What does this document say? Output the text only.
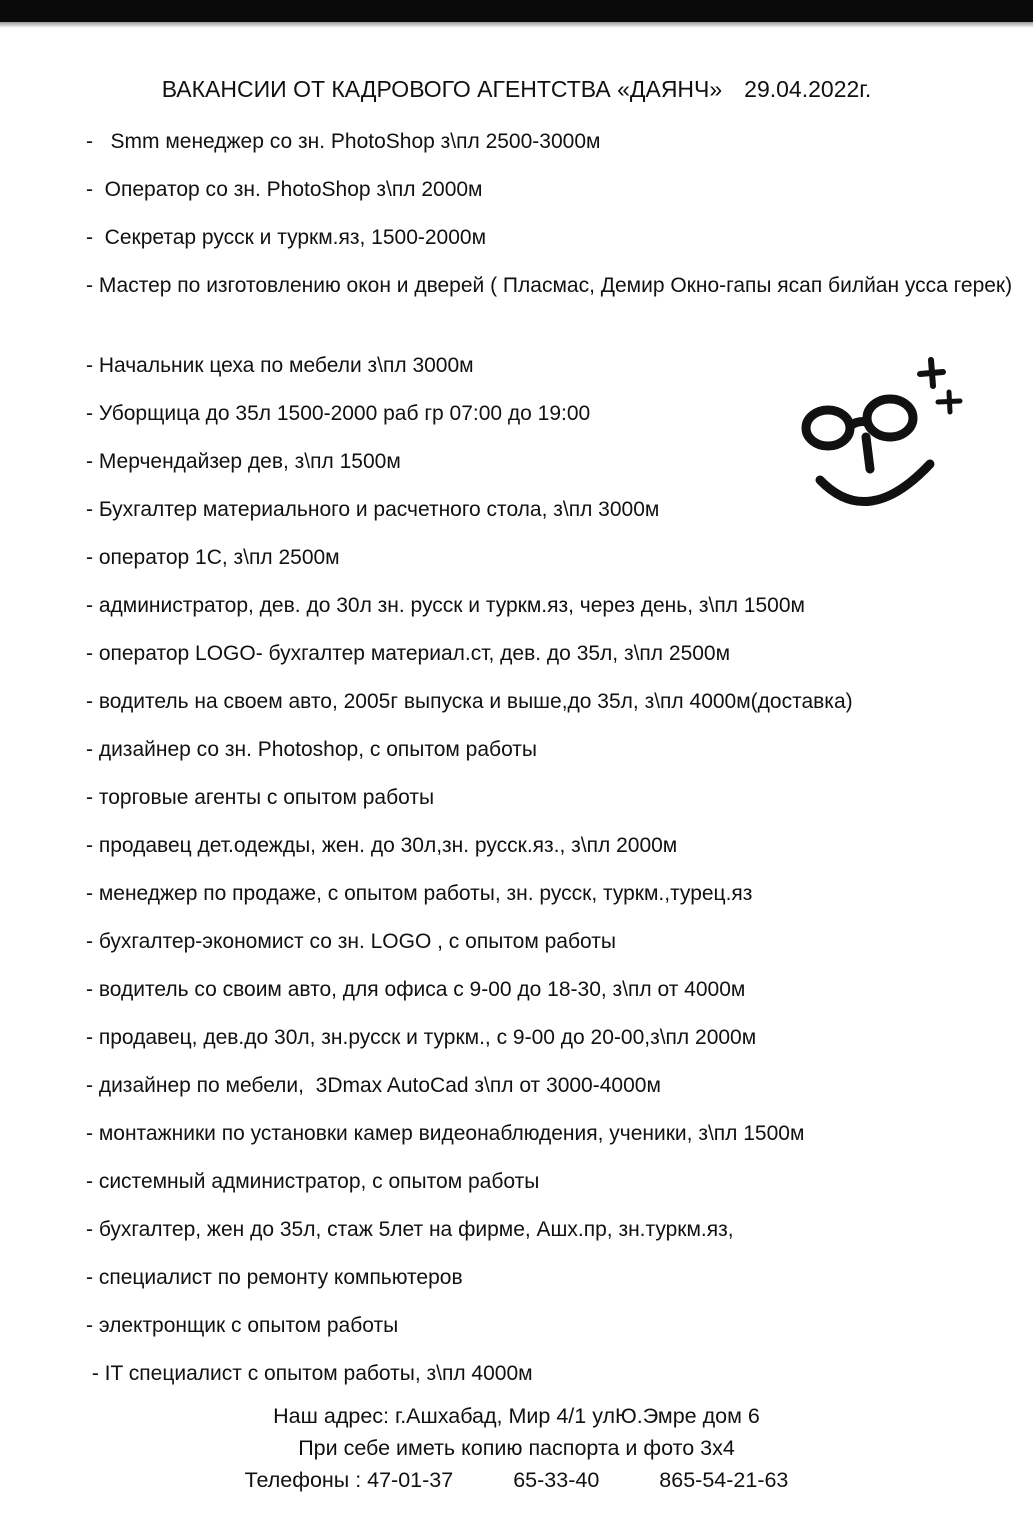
ВАКАНСИИ ОТ КАДРОВОГО АГЕНТСТВА «ДАЯНЧ» 29.04.2022г.
-   Smm менеджер со зн. PhotoShop з\пл 2500-3000м
-  Оператор со зн. PhotoShop з\пл 2000м
-  Секретар русск и туркм.яз, 1500-2000м
- Мастер по изготовлению окон и дверей ( Пласмас, Демир Окно-гапы ясап билйан усса герек)
- Начальник цеха по мебели з\пл 3000м
- Уборщица до 35л 1500-2000 раб гр 07:00 до 19:00
- Мерчендайзер дев, з\пл 1500м
- Бухгалтер материального и расчетного стола, з\пл 3000м
- оператор 1С, з\пл 2500м
- администратор, дев. до 30л зн. русск и туркм.яз, через день, з\пл 1500м
- оператор LOGO- бухгалтер материал.ст, дев. до 35л, з\пл 2500м
- водитель на своем авто, 2005г выпуска и выше,до 35л, з\пл 4000м(доставка)
- дизайнер со зн. Photoshop, с опытом работы
- торговые агенты с опытом работы
- продавец дет.одежды, жен. до 30л,зн. русск.яз., з\пл 2000м
- менеджер по продаже, с опытом работы, зн. русск, туркм.,турец.яз
- бухгалтер-экономист со зн. LOGO , с опытом работы
- водитель со своим авто, для офиса с 9-00 до 18-30, з\пл от 4000м
- продавец, дев.до 30л, зн.русск и туркм., с 9-00 до 20-00,з\пл 2000м
- дизайнер по мебели,  3Dmax AutoCad з\пл от 3000-4000м
- монтажники по установки камер видеонаблюдения, ученики, з\пл 1500м
- системный администратор, с опытом работы
- бухгалтер, жен до 35л, стаж 5лет на фирме, Ашх.пр, зн.туркм.яз,
- специалист по ремонту компьютеров
- электронщик с опытом работы
- IT специалист с опытом работы, з\пл 4000м
Наш адрес: г.Ашхабад, Мир 4/1 улЮ.Эмре дом 6
При себе иметь копию паспорта и фото 3х4
Телефоны : 47-01-37	65-33-40	865-54-21-63
